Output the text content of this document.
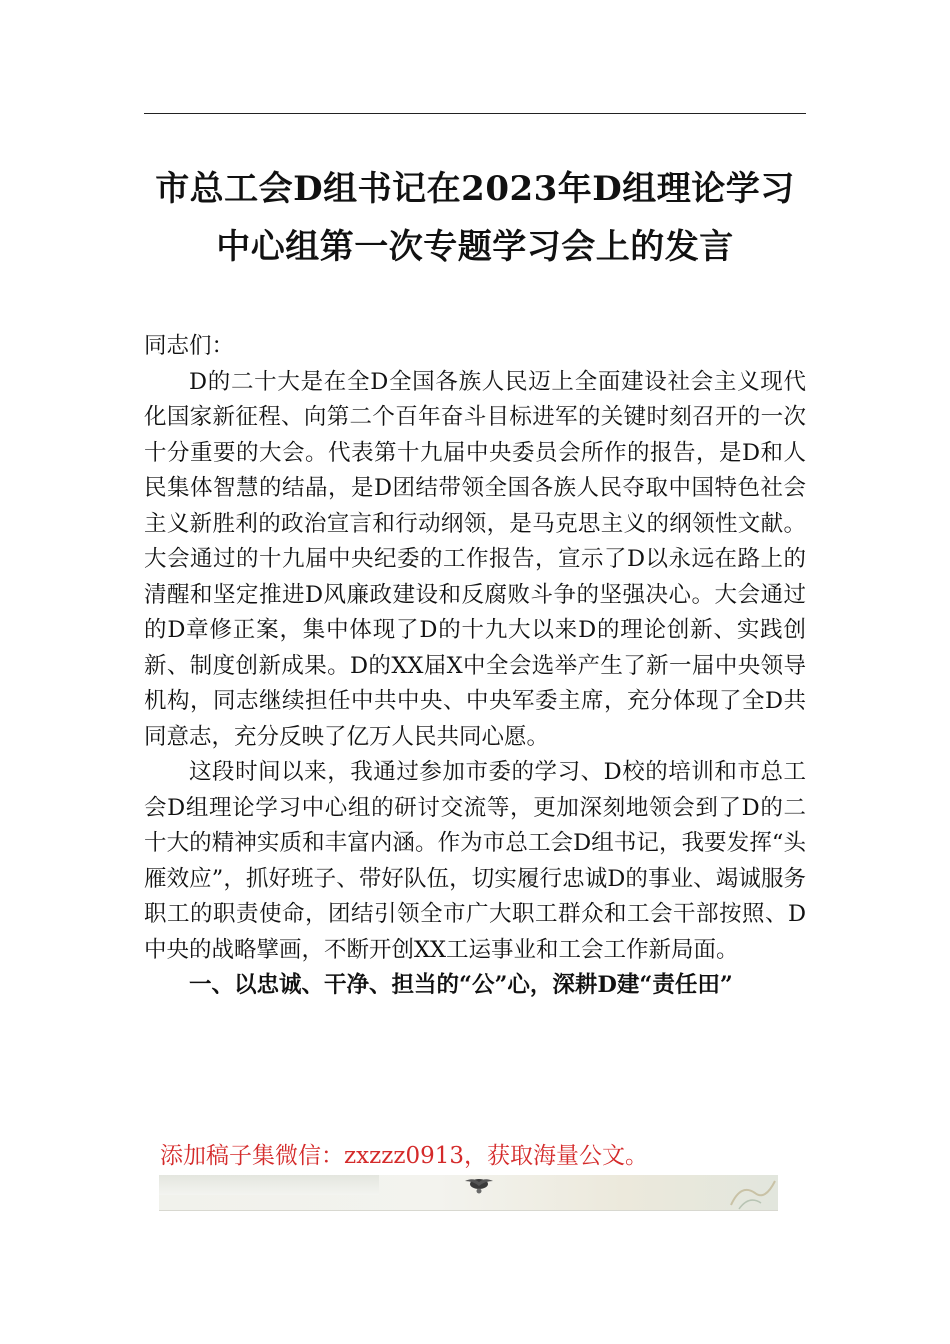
市总工会D组书记在2023年D组理论学习
中心组第一次专题学习会上的发言

同志们：

D的二十大是在全D全国各族人民迈上全面建设社会主义现代化国家新征程、向第二个百年奋斗目标进军的关键时刻召开的一次十分重要的大会。代表第十九届中央委员会所作的报告，是D和人民集体智慧的结晶，是D团结带领全国各族人民夺取中国特色社会主义新胜利的政治宣言和行动纲领，是马克思主义的纲领性文献。大会通过的十九届中央纪委的工作报告，宣示了D以永远在路上的清醒和坚定推进D风廉政建设和反腐败斗争的坚强决心。大会通过的D章修正案，集中体现了D的十九大以来D的理论创新、实践创新、制度创新成果。D的XX届X中全会选举产生了新一届中央领导机构，同志继续担任中共中央、中央军委主席，充分体现了全D共同意志，充分反映了亿万人民共同心愿。

这段时间以来，我通过参加市委的学习、D校的培训和市总工会D组理论学习中心组的研讨交流等，更加深刻地领会到了D的二十大的精神实质和丰富内涵。作为市总工会D组书记，我要发挥“头雁效应”，抓好班子、带好队伍，切实履行忠诚D的事业、竭诚服务职工的职责使命，团结引领全市广大职工群众和工会干部按照、D中央的战略擘画，不断开创XX工运事业和工会工作新局面。

一、以忠诚、干净、担当的“公”心，深耕D建“责任田”

添加稿子集微信：zxzzz0913，获取海量公文。
